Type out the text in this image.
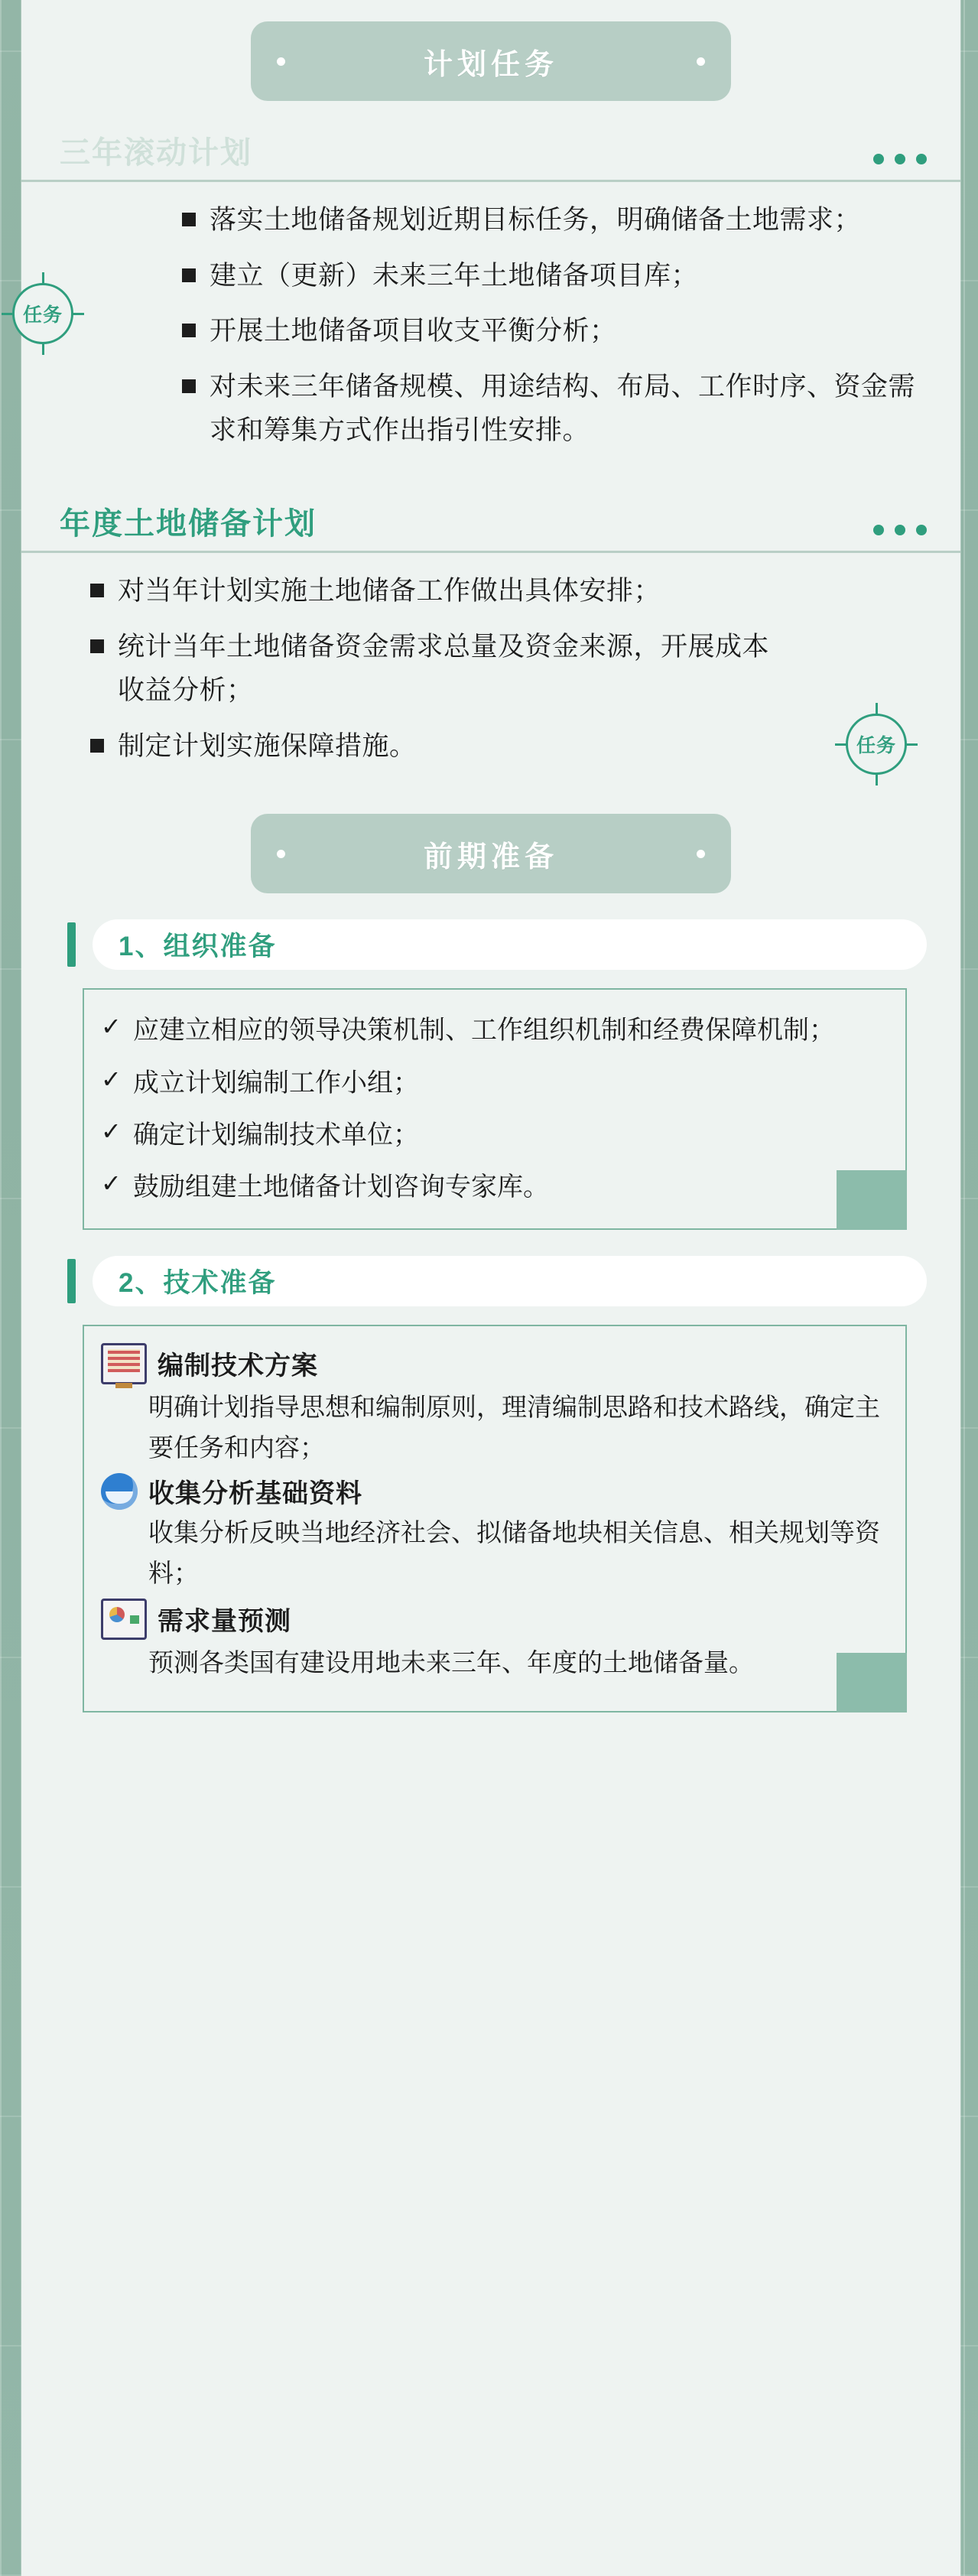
计划任务
三年滚动计划
任务
落实土地储备规划近期目标任务，明确储备土地需求；
建立（更新）未来三年土地储备项目库；
开展土地储备项目收支平衡分析；
对未来三年储备规模、用途结构、布局、工作时序、资金需求和筹集方式作出指引性安排。
年度土地储备计划
任务
对当年计划实施土地储备工作做出具体安排；
统计当年土地储备资金需求总量及资金来源，开展成本收益分析；
制定计划实施保障措施。
前期准备
1、组织准备
✓ 应建立相应的领导决策机制、工作组织机制和经费保障机制；
✓ 成立计划编制工作小组；
✓ 确定计划编制技术单位；
✓ 鼓励组建土地储备计划咨询专家库。
2、技术准备
编制技术方案
明确计划指导思想和编制原则，理清编制思路和技术路线，确定主要任务和内容；
收集分析基础资料
收集分析反映当地经济社会、拟储备地块相关信息、相关规划等资料；
需求量预测
预测各类国有建设用地未来三年、年度的土地储备量。
